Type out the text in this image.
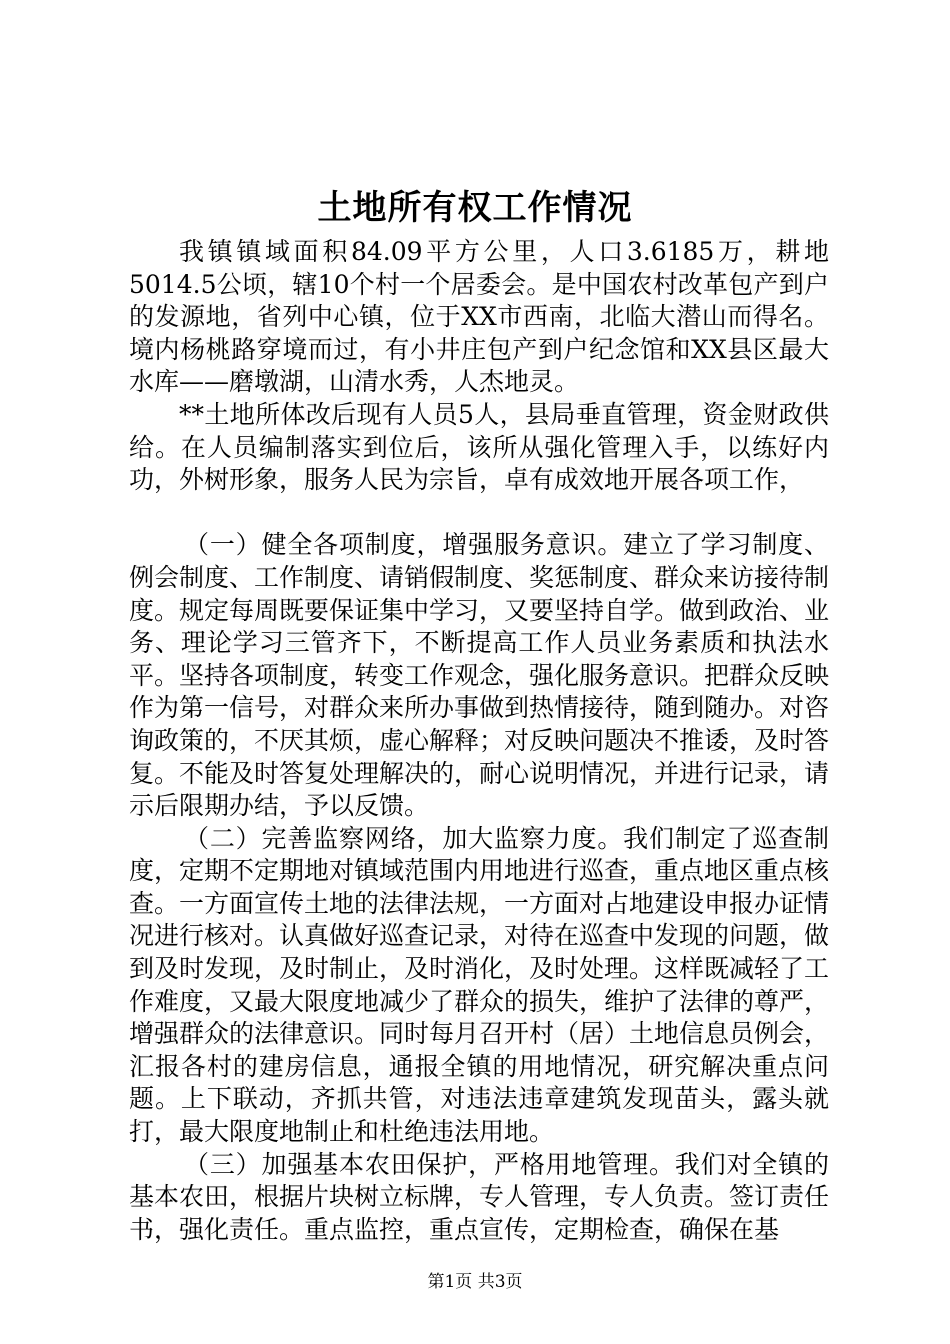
土地所有权工作情况

我镇镇域面积84.09平方公里，人口3.6185万，耕地5014.5公顷，辖10个村一个居委会。是中国农村改革包产到户的发源地，省列中心镇，位于XX市西南，北临大潜山而得名。境内杨桃路穿境而过，有小井庄包产到户纪念馆和XX县区最大水库——磨墩湖，山清水秀，人杰地灵。

**土地所体改后现有人员5人，县局垂直管理，资金财政供给。在人员编制落实到位后，该所从强化管理入手，以练好内功，外树形象，服务人民为宗旨，卓有成效地开展各项工作，

（一）健全各项制度，增强服务意识。建立了学习制度、例会制度、工作制度、请销假制度、奖惩制度、群众来访接待制度。规定每周既要保证集中学习，又要坚持自学。做到政治、业务、理论学习三管齐下，不断提高工作人员业务素质和执法水平。坚持各项制度，转变工作观念，强化服务意识。把群众反映作为第一信号，对群众来所办事做到热情接待，随到随办。对咨询政策的，不厌其烦，虚心解释；对反映问题决不推诿，及时答复。不能及时答复处理解决的，耐心说明情况，并进行记录，请示后限期办结，予以反馈。

（二）完善监察网络，加大监察力度。我们制定了巡查制度，定期不定期地对镇域范围内用地进行巡查，重点地区重点核查。一方面宣传土地的法律法规，一方面对占地建设申报办证情况进行核对。认真做好巡查记录，对待在巡查中发现的问题，做到及时发现，及时制止，及时消化，及时处理。这样既减轻了工作难度，又最大限度地减少了群众的损失，维护了法律的尊严，增强群众的法律意识。同时每月召开村（居）土地信息员例会，汇报各村的建房信息，通报全镇的用地情况，研究解决重点问题。上下联动，齐抓共管，对违法违章建筑发现苗头，露头就打，最大限度地制止和杜绝违法用地。

（三）加强基本农田保护，严格用地管理。我们对全镇的基本农田，根据片块树立标牌，专人管理，专人负责。签订责任书，强化责任。重点监控，重点宣传，定期检查，确保在基

第1页 共3页
